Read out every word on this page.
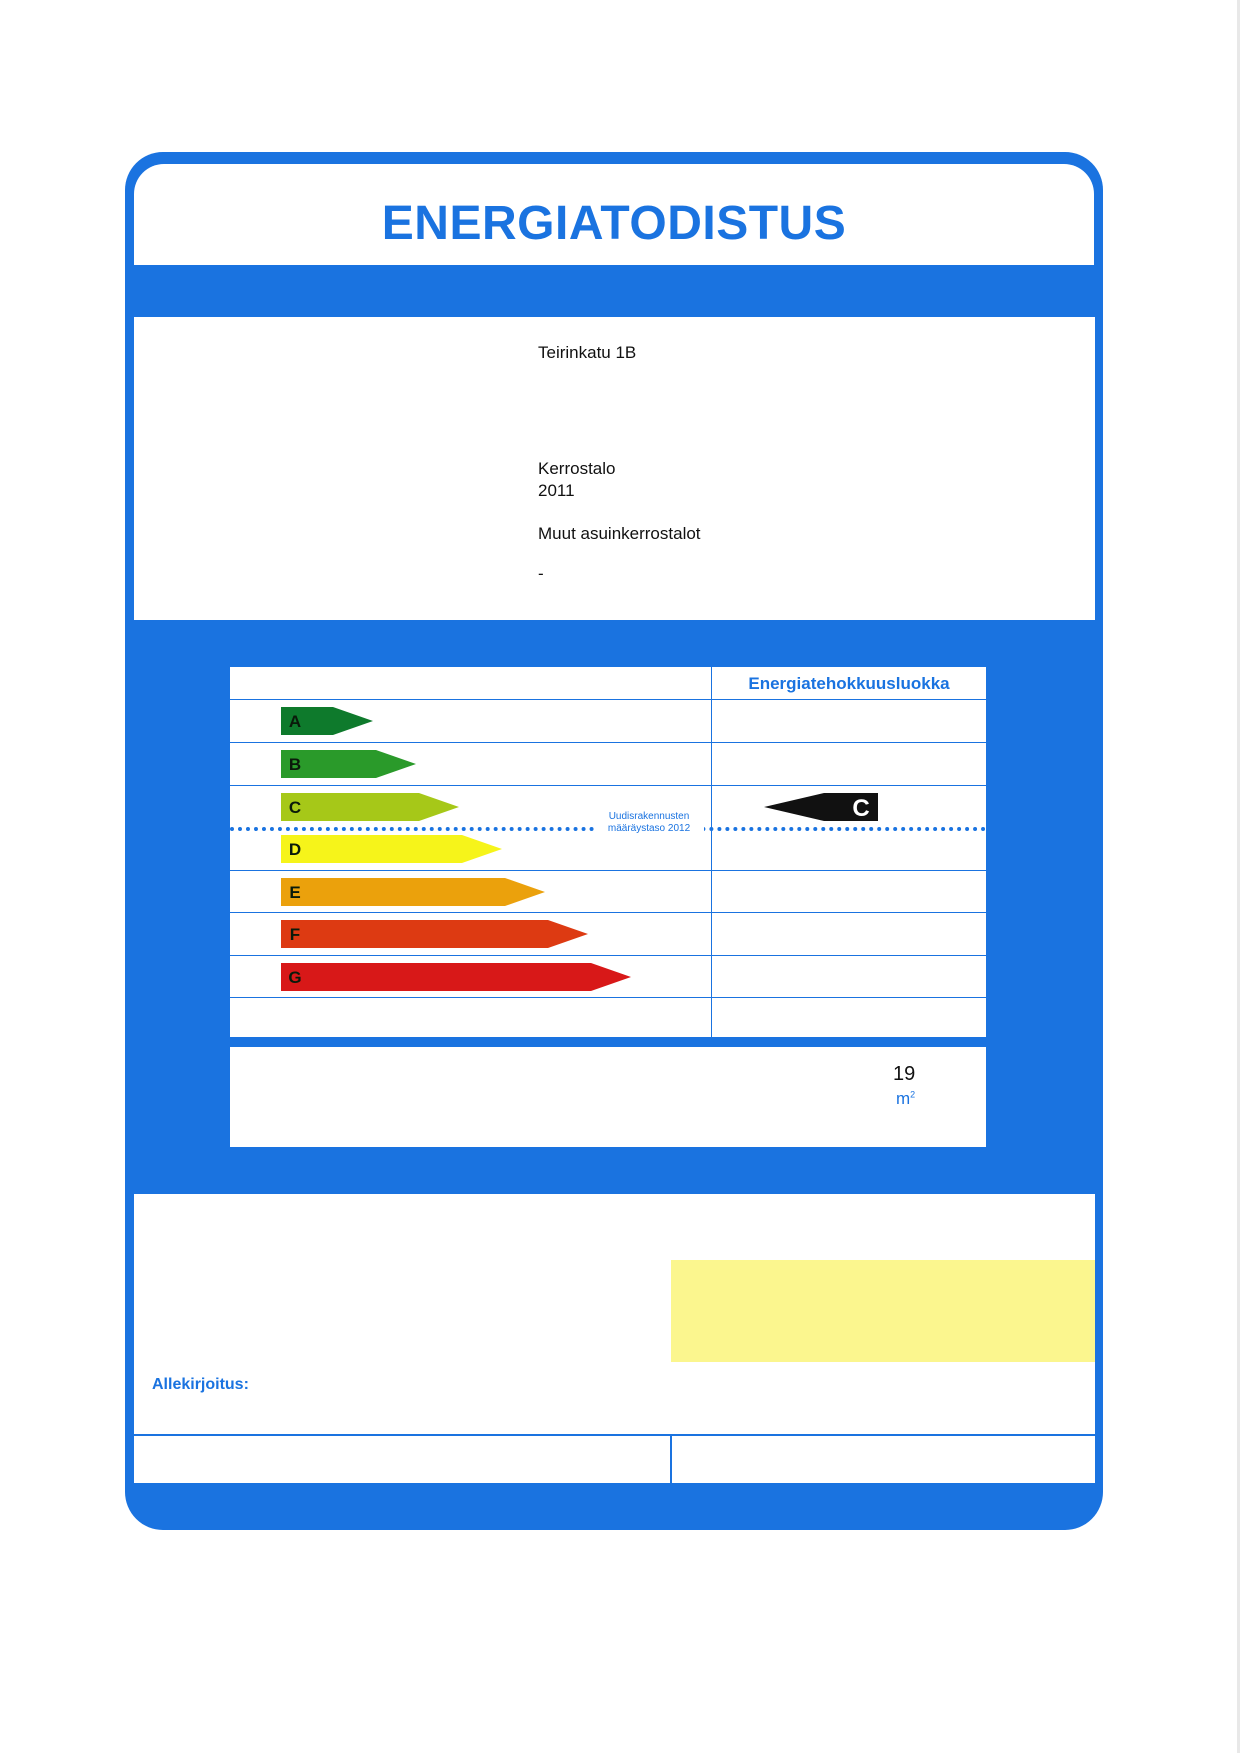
ENERGIATODISTUS
Teirinkatu 1B
Kerrostalo
2011
Muut asuinkerrostalot
-
Energiatehokkuusluokka
Uudisrakennusten
määräystaso 2012
A
B
C
D
E
F
G
C
19
$m^2$
Allekirjoitus:
